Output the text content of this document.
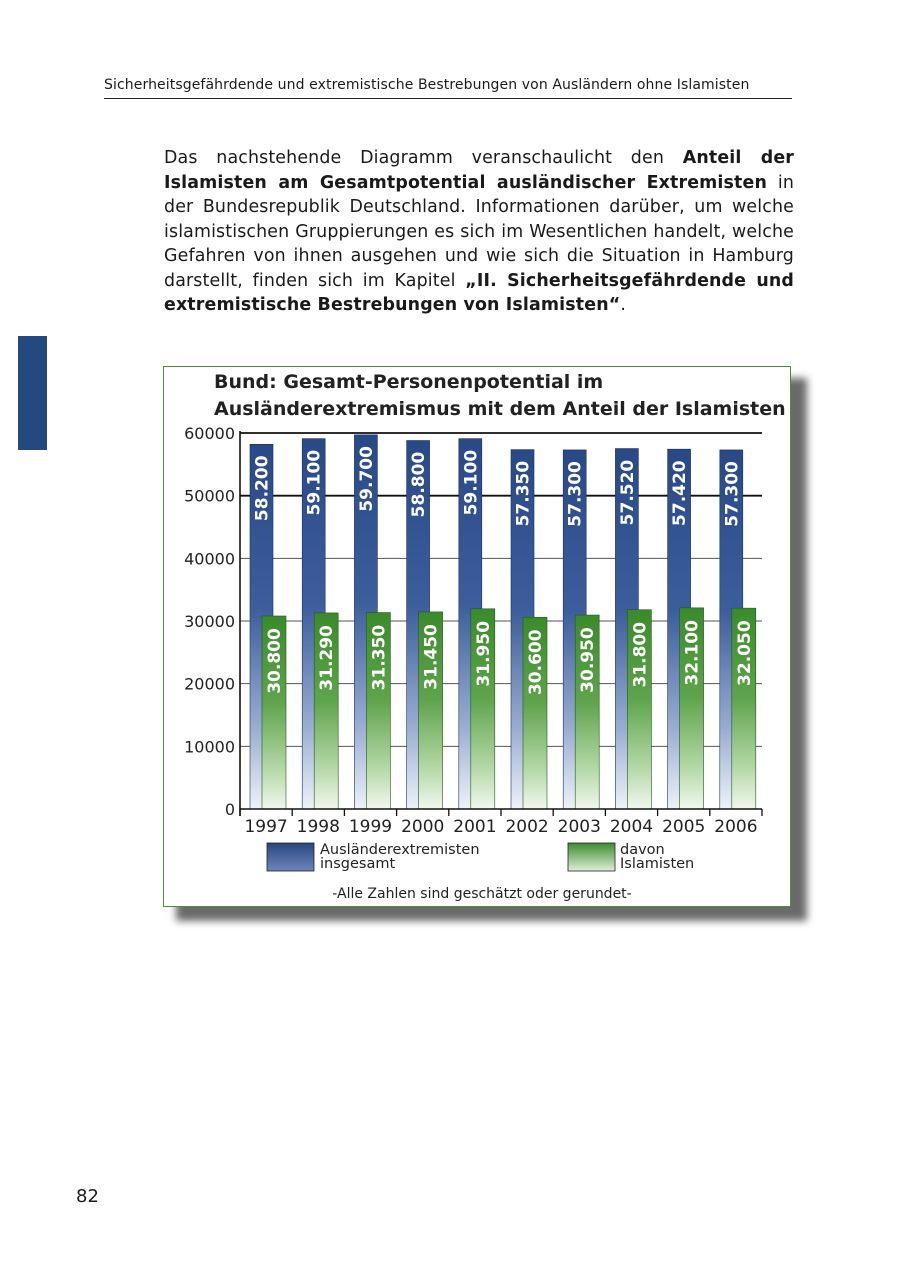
Sicherheitsgefährdende und extremistische Bestrebungen von Ausländern ohne Islamisten

Das nachstehende Diagramm veranschaulicht den Anteil der Islamisten am Gesamtpotential ausländischer Extremisten in der Bundesrepublik Deutschland. Informationen darüber, um welche islamistischen Gruppierungen es sich im Wesentlichen handelt, welche Gefahren von ihnen ausgehen und wie sich die Situation in Hamburg darstellt, finden sich im Kapitel „II. Sicherheitsgefährdende und extremistische Bestrebungen von Islamisten“.

Bund: Gesamt-Personenpotential im
Ausländerextremismus mit dem Anteil der Islamisten
0
10000
20000
30000
40000
50000
60000
58.200
30.800
59.100
31.290
59.700
31.350
58.800
31.450
59.100
31.950
57.350
30.600
57.300
30.950
57.520
31.800
57.420
32.100
57.300
32.050
1997 1998 1999 2000 2001 2002 2003 2004 2005 2006
Ausländerextremisten
insgesamt
davon
Islamisten
-Alle Zahlen sind geschätzt oder gerundet-
82
